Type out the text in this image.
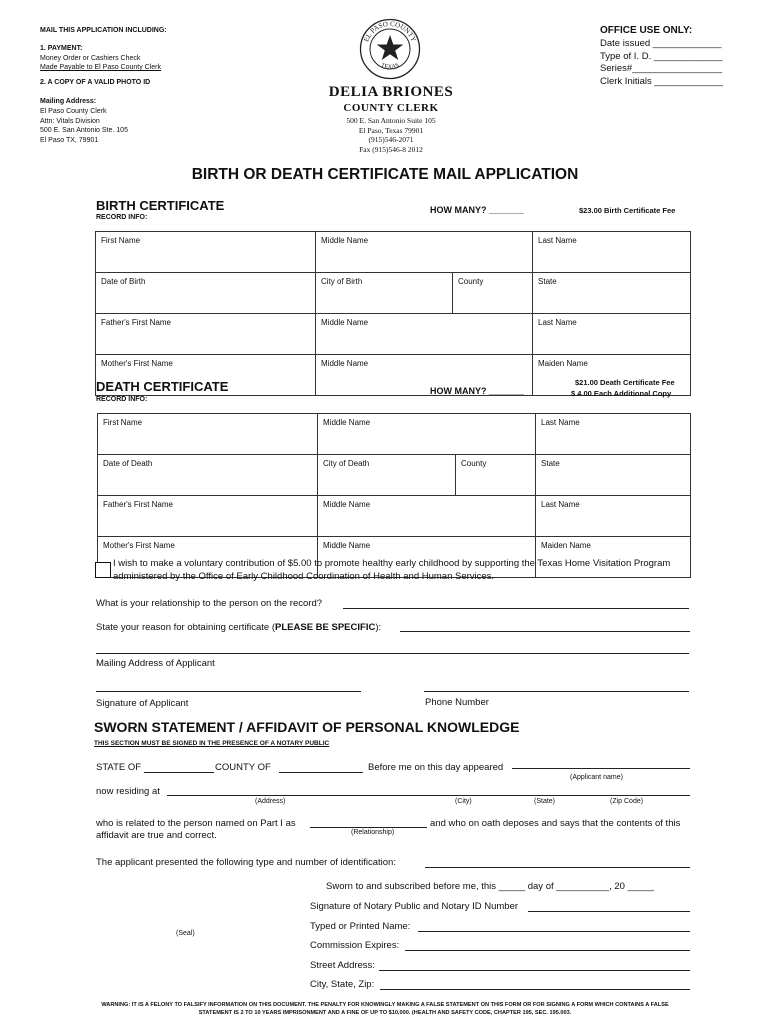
MAIL THIS APPLICATION INCLUDING:
1. PAYMENT:
Money Order or Cashiers Check
Made Payable to El Paso County Clerk
2. A COPY OF A VALID PHOTO ID
Mailing Address:
El Paso County Clerk
Attn: Vitals Division
500 E. San Antonio Ste. 105
El Paso TX, 79901
EL PASO COUNTY
TEXAS
DELIA BRIONES
COUNTY CLERK
500 E. San Antonio Suite 105
El Paso, Texas 79901
(915)546-2071
Fax (915)546-8 2012
OFFICE USE ONLY:
Date issued _____________
Type of I. D. _____________
Series#_________________
Clerk Initials _____________
BIRTH OR DEATH CERTIFICATE MAIL APPLICATION
BIRTH CERTIFICATE
RECORD INFO:
HOW MANY? _______	$23.00 Birth Certificate Fee
First Name	Middle Name		Last Name
Date of Birth	City of Birth	County	State
Father's First Name	Middle Name		Last Name
Mother's First Name	Middle Name		Maiden Name
DEATH CERTIFICATE
RECORD INFO:
HOW MANY? _______
$21.00 Death Certificate Fee
$ 4.00 Each Additional Copy
First Name	Middle Name		Last Name
Date of Death	City of Death	County	State
Father's First Name	Middle Name		Last Name
Mother's First Name	Middle Name		Maiden Name
I wish to make a voluntary contribution of $5.00 to promote healthy early childhood by supporting the Texas Home Visitation Program
administered by the Office of Early Childhood Coordination of Health and Human Services.
What is your relationship to the person on the record?
State your reason for obtaining certificate (PLEASE BE SPECIFIC):
Mailing Address of Applicant
Signature of Applicant	Phone Number
SWORN STATEMENT / AFFIDAVIT OF PERSONAL KNOWLEDGE
THIS SECTION MUST BE SIGNED IN THE PRESENCE OF A NOTARY PUBLIC
STATE OF	COUNTY OF	Before me on this day appeared
(Applicant name)
now residing at
(Address)	(City)	(State)	(Zip Code)
who is related to the person named on Part I as
affidavit are true and correct.	(Relationship)
and who on oath deposes and says that the contents of this
The applicant presented the following type and number of identification:
Sworn to and subscribed before me, this _____ day of __________, 20 _____
Signature of Notary Public and Notary ID Number
Typed or Printed Name:
(Seal)
Commission Expires:
Street Address:
City, State, Zip:
WARNING: IT IS A FELONY TO FALSIFY INFORMATION ON THIS DOCUMENT. THE PENALTY FOR KNOWINGLY MAKING A FALSE STATEMENT ON THIS FORM OR FOR SIGNING A FORM WHICH CONTAINS A FALSE
STATEMENT IS 2 TO 10 YEARS IMPRISONMENT AND A FINE OF UP TO $10,000. (HEALTH AND SAFETY CODE, CHAPTER 195, SEC. 195.003.
